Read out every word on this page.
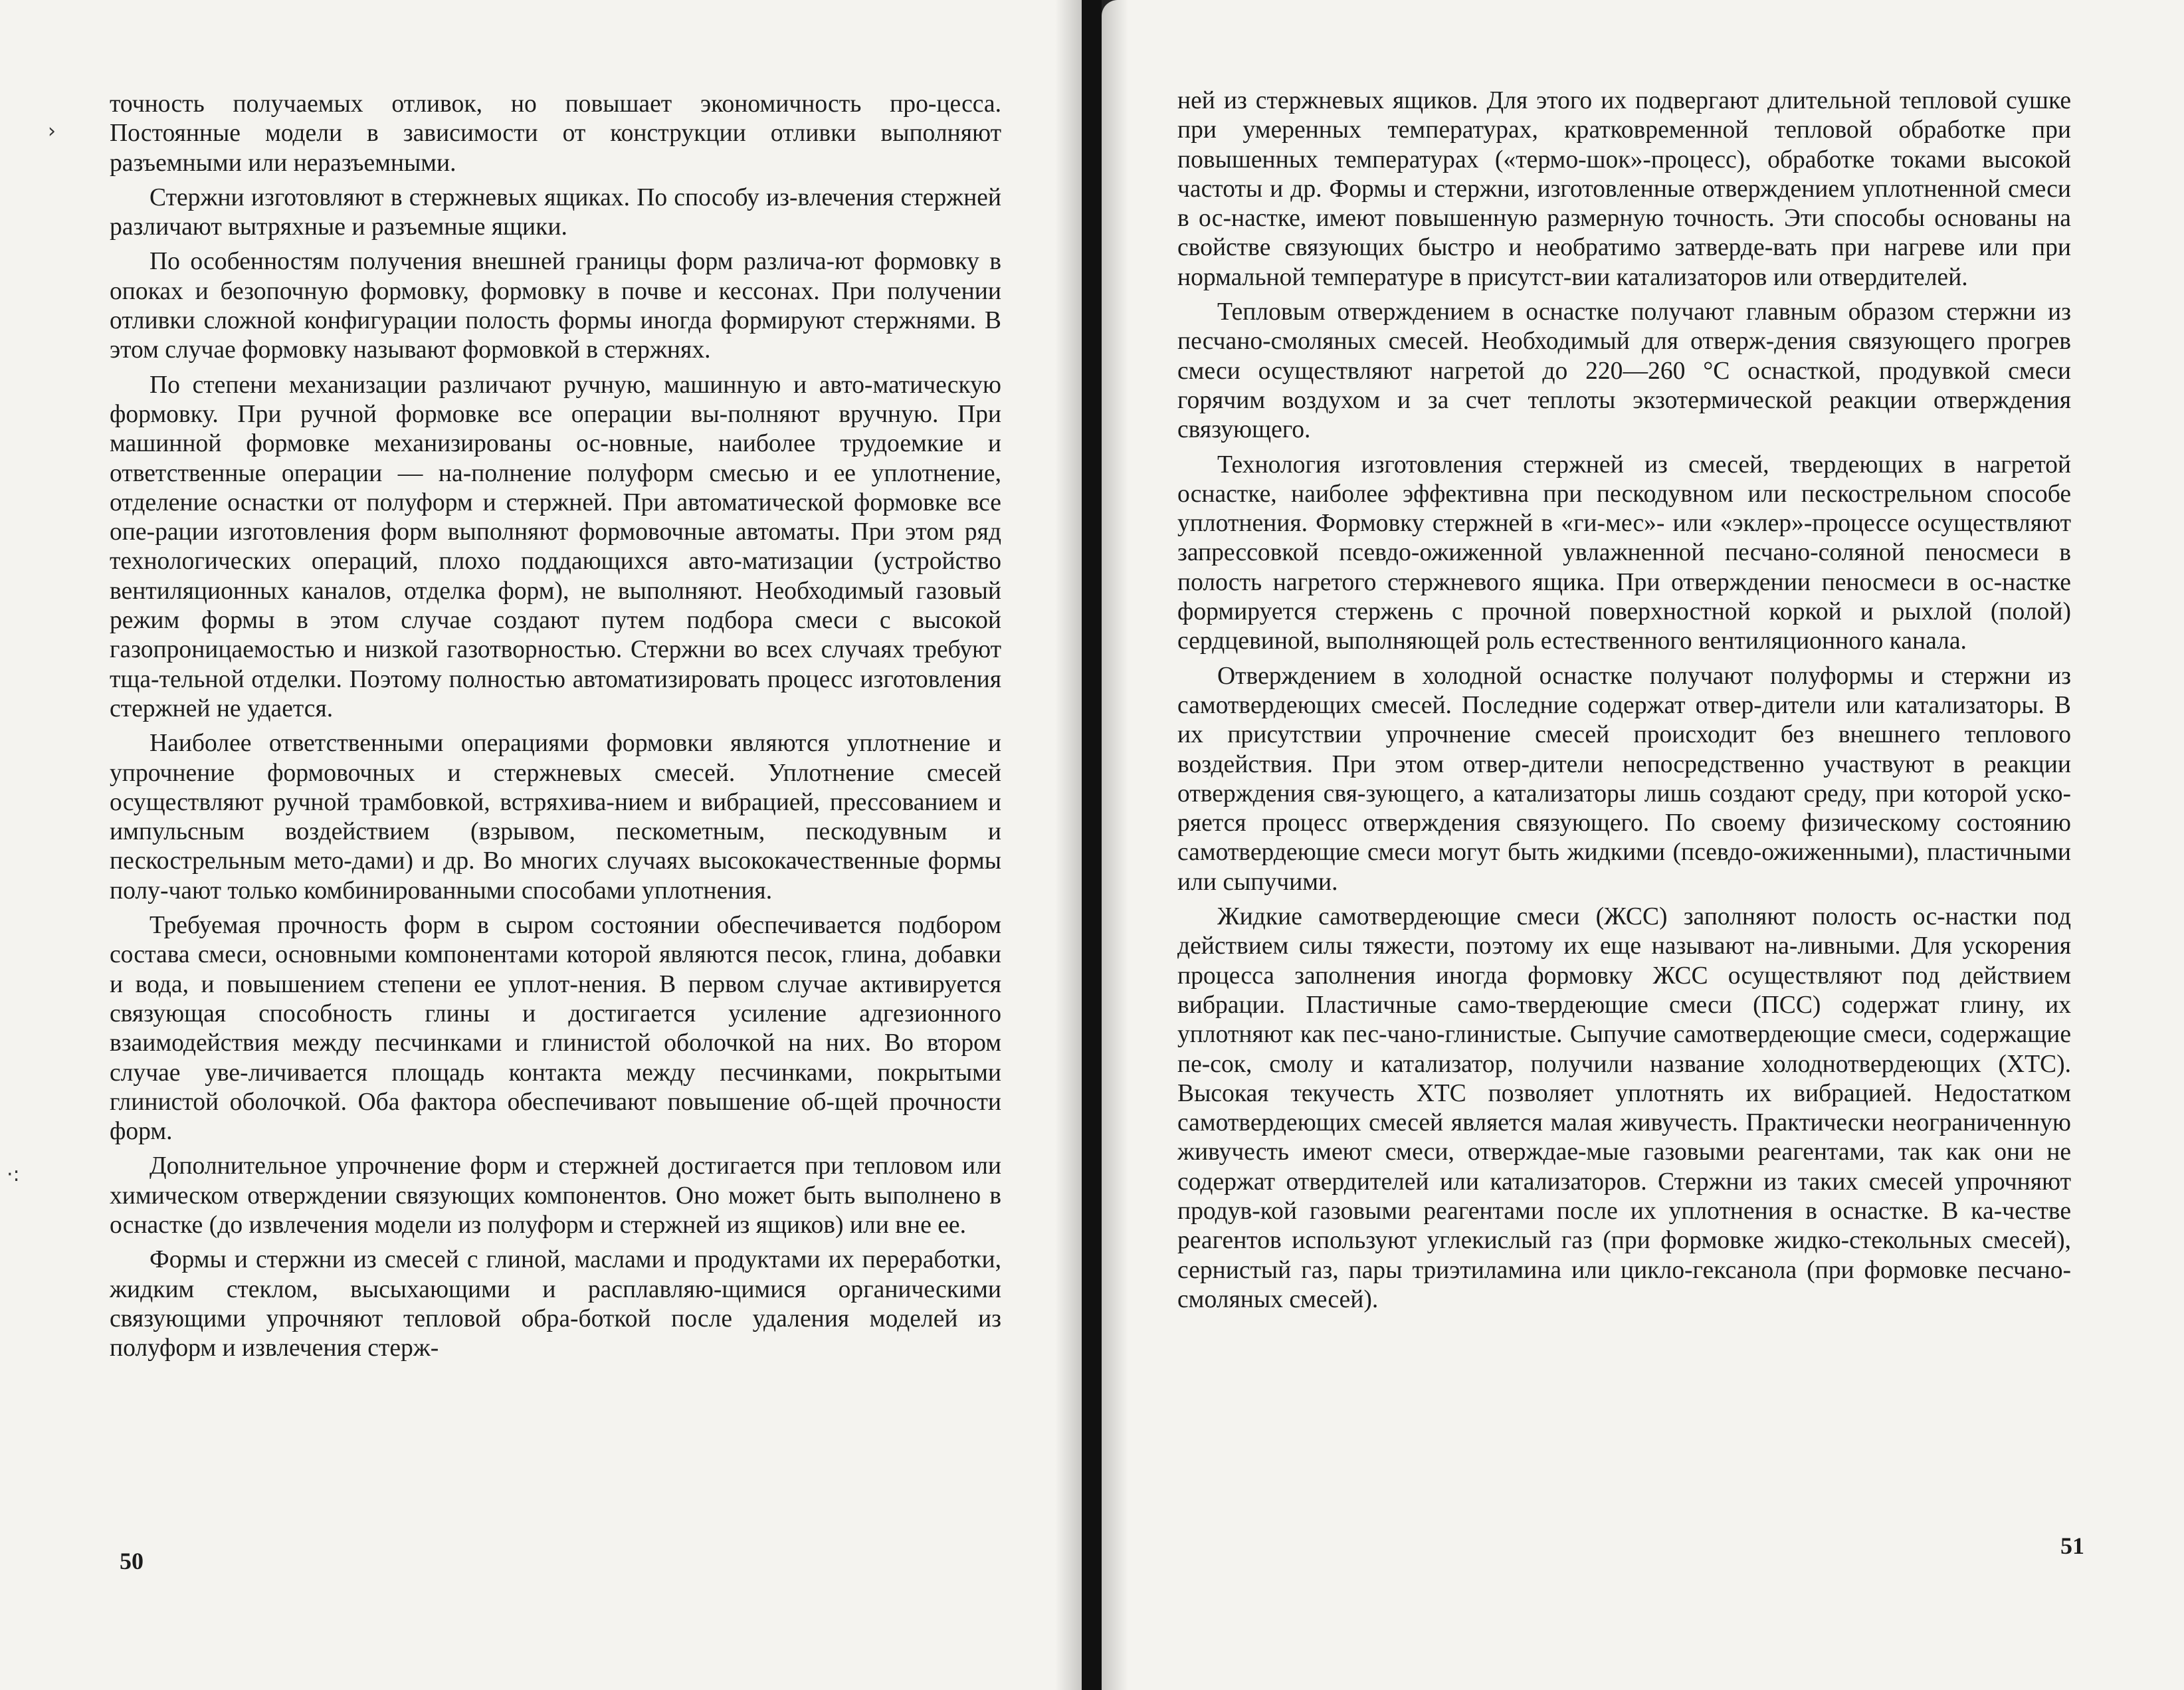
›
·:

точность получаемых отливок, но повышает экономичность про-цесса. Постоянные модели в зависимости от конструкции отливки выполняют разъемными или неразъемными.

Стержни изготовляют в стержневых ящиках. По способу из-влечения стержней различают вытряхные и разъемные ящики.

По особенностям получения внешней границы форм различа-ют формовку в опоках и безопочную формовку, формовку в почве и кессонах. При получении отливки сложной конфигурации полость формы иногда формируют стержнями. В этом случае формовку называют формовкой в стержнях.

По степени механизации различают ручную, машинную и авто-матическую формовку. При ручной формовке все операции вы-полняют вручную. При машинной формовке механизированы ос-новные, наиболее трудоемкие и ответственные операции — на-полнение полуформ смесью и ее уплотнение, отделение оснастки от полуформ и стержней. При автоматической формовке все опе-рации изготовления форм выполняют формовочные автоматы. При этом ряд технологических операций, плохо поддающихся авто-матизации (устройство вентиляционных каналов, отделка форм), не выполняют. Необходимый газовый режим формы в этом случае создают путем подбора смеси с высокой газопроницаемостью и низкой газотворностью. Стержни во всех случаях требуют тща-тельной отделки. Поэтому полностью автоматизировать процесс изготовления стержней не удается.

Наиболее ответственными операциями формовки являются уплотнение и упрочнение формовочных и стержневых смесей. Уплотнение смесей осуществляют ручной трамбовкой, встряхива-нием и вибрацией, прессованием и импульсным воздействием (взрывом, пескометным, пескодувным и пескострельным мето-дами) и др. Во многих случаях высококачественные формы полу-чают только комбинированными способами уплотнения.

Требуемая прочность форм в сыром состоянии обеспечивается подбором состава смеси, основными компонентами которой являются песок, глина, добавки и вода, и повышением степени ее уплот-нения. В первом случае активируется связующая способность глины и достигается усиление адгезионного взаимодействия между песчинками и глинистой оболочкой на них. Во втором случае уве-личивается площадь контакта между песчинками, покрытыми глинистой оболочкой. Оба фактора обеспечивают повышение об-щей прочности форм.

Дополнительное упрочнение форм и стержней достигается при тепловом или химическом отверждении связующих компонентов. Оно может быть выполнено в оснастке (до извлечения модели из полуформ и стержней из ящиков) или вне ее.

Формы и стержни из смесей с глиной, маслами и продуктами их переработки, жидким стеклом, высыхающими и расплавляю-щимися органическими связующими упрочняют тепловой обра-боткой после удаления моделей из полуформ и извлечения стерж-

50

ней из стержневых ящиков. Для этого их подвергают длительной тепловой сушке при умеренных температурах, кратковременной тепловой обработке при повышенных температурах («термо-шок»-процесс), обработке токами высокой частоты и др. Формы и стержни, изготовленные отверждением уплотненной смеси в ос-настке, имеют повышенную размерную точность. Эти способы основаны на свойстве связующих быстро и необратимо затверде-вать при нагреве или при нормальной температуре в присутст-вии катализаторов или отвердителей.

Тепловым отверждением в оснастке получают главным образом стержни из песчано-смоляных смесей. Необходимый для отверж-дения связующего прогрев смеси осуществляют нагретой до 220—260 °С оснасткой, продувкой смеси горячим воздухом и за счет теплоты экзотермической реакции отверждения связующего.

Технология изготовления стержней из смесей, твердеющих в нагретой оснастке, наиболее эффективна при пескодувном или пескострельном способе уплотнения. Формовку стержней в «ги-мес»- или «эклер»-процессе осуществляют запрессовкой псевдо-ожиженной увлажненной песчано-соляной пеносмеси в полость нагретого стержневого ящика. При отверждении пеносмеси в ос-настке формируется стержень с прочной поверхностной коркой и рыхлой (полой) сердцевиной, выполняющей роль естественного вентиляционного канала.

Отверждением в холодной оснастке получают полуформы и стержни из самотвердеющих смесей. Последние содержат отвер-дители или катализаторы. В их присутствии упрочнение смесей происходит без внешнего теплового воздействия. При этом отвер-дители непосредственно участвуют в реакции отверждения свя-зующего, а катализаторы лишь создают среду, при которой уско-ряется процесс отверждения связующего. По своему физическому состоянию самотвердеющие смеси могут быть жидкими (псевдо-ожиженными), пластичными или сыпучими.

Жидкие самотвердеющие смеси (ЖСС) заполняют полость ос-настки под действием силы тяжести, поэтому их еще называют на-ливными. Для ускорения процесса заполнения иногда формовку ЖСС осуществляют под действием вибрации. Пластичные само-твердеющие смеси (ПСС) содержат глину, их уплотняют как пес-чано-глинистые. Сыпучие самотвердеющие смеси, содержащие пе-сок, смолу и катализатор, получили название холоднотвердеющих (ХТС). Высокая текучесть ХТС позволяет уплотнять их вибрацией. Недостатком самотвердеющих смесей является малая живучесть. Практически неограниченную живучесть имеют смеси, отверждае-мые газовыми реагентами, так как они не содержат отвердителей или катализаторов. Стержни из таких смесей упрочняют продув-кой газовыми реагентами после их уплотнения в оснастке. В ка-честве реагентов используют углекислый газ (при формовке жидко-стекольных смесей), сернистый газ, пары триэтиламина или цикло-гексанола (при формовке песчано-смоляных смесей).

51
